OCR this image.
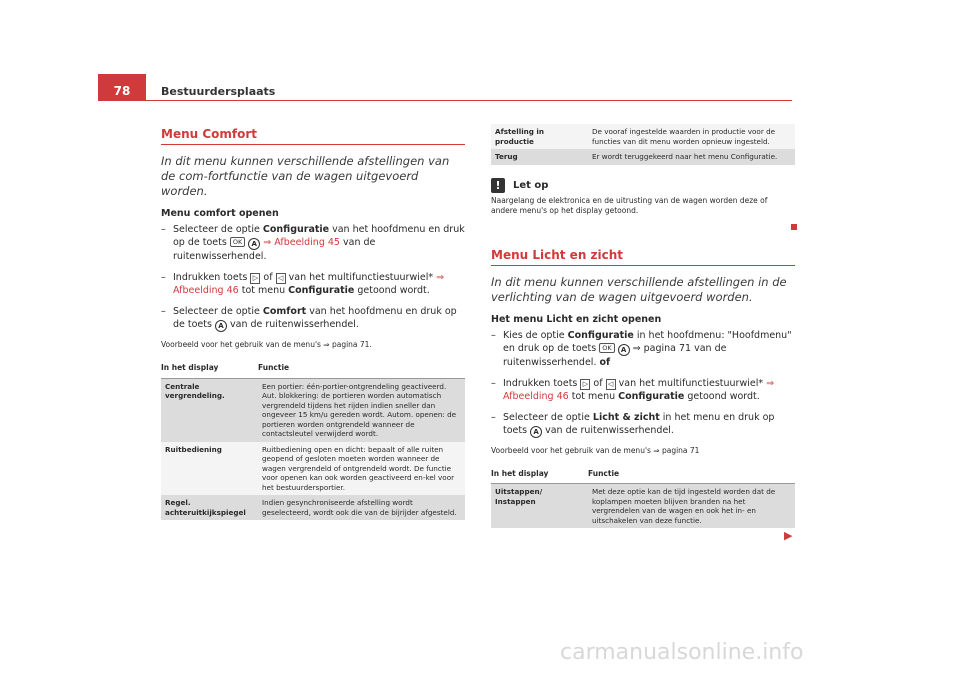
78	Bestuurdersplaats
Menu Comfort
In dit menu kunnen verschillende afstellingen van de com-fortfunctie van de wagen uitgevoerd worden.
Menu comfort openen
– Selecteer de optie Configuratie van het hoofdmenu en druk op de toets OK A ⇒ Afbeelding 45 van de ruitenwisserhendel.
– Indrukken toets ▷ of ◁ van het multifunctiestuurwiel* ⇒ Afbeelding 46 tot menu Configuratie getoond wordt.
– Selecteer de optie Comfort van het hoofdmenu en druk op de toets A van de ruitenwisserhendel.
Voorbeeld voor het gebruik van de menu's ⇒ pagina 71.
In het display	Functie
Centrale vergrendeling.	Een portier: één-portier-ontgrendeling geactiveerd. Aut. blokkering: de portieren worden automatisch vergrendeld tijdens het rijden indien sneller dan ongeveer 15 km/u gereden wordt. Autom. openen: de portieren worden ontgrendeld wanneer de contactsleutel verwijderd wordt.
Ruitbediening	Ruitbediening open en dicht: bepaalt of alle ruiten geopend of gesloten moeten worden wanneer de wagen vergrendeld of ontgrendeld wordt. De functie voor openen kan ook worden geactiveerd en-kel voor het bestuurdersportier.
Regel. achteruitkijkspiegel	Indien gesynchroniseerde afstelling wordt geselecteerd, wordt ook die van de bijrijder afgesteld.
Afstelling in productie	De vooraf ingestelde waarden in productie voor de functies van dit menu worden opnieuw ingesteld.
Terug	Er wordt teruggekeerd naar het menu Configuratie.
!	Let op
Naargelang de elektronica en de uitrusting van de wagen worden deze of andere menu's op het display getoond.
Menu Licht en zicht
In dit menu kunnen verschillende afstellingen in de verlichting van de wagen uitgevoerd worden.
Het menu Licht en zicht openen
– Kies de optie Configuratie in het hoofdmenu: "Hoofdmenu" en druk op de toets OK A ⇒ pagina 71 van de ruitenwisserhendel. of
– Indrukken toets ▷ of ◁ van het multifunctiestuurwiel* ⇒ Afbeelding 46 tot menu Configuratie getoond wordt.
– Selecteer de optie Licht & zicht in het menu en druk op toets A van de ruitenwisserhendel.
Voorbeeld voor het gebruik van de menu's ⇒ pagina 71
In het display	Functie
Uitstappen/ Instappen	Met deze optie kan de tijd ingesteld worden dat de koplampen moeten blijven branden na het vergrendelen van de wagen en ook het in- en uitschakelen van deze functie.
▶
carmanualsonline.info
